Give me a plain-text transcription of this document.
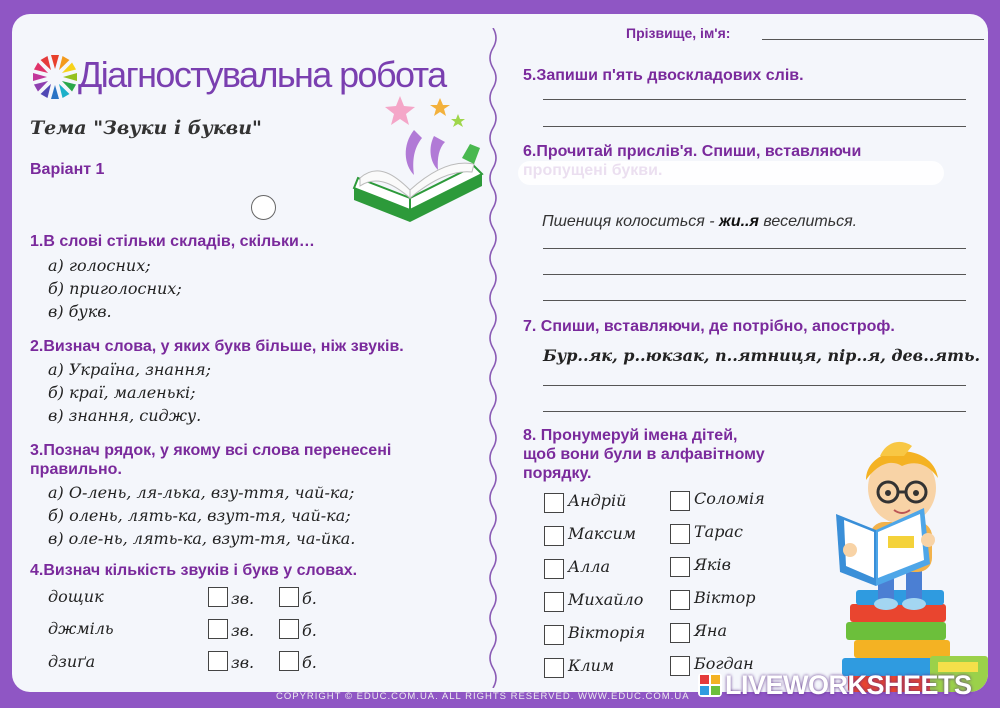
Прізвище, ім'я:
Діагностувальна робота
Тема "Звуки і букви"
Варіант 1
1.В слові стільки складів, скільки…
а) голосних;
б) приголосних;
в) букв.
2.Визнач слова, у яких букв більше, ніж звуків.
а) Україна, знання;
б) краї, маленькі;
в) знання, сиджу.
3.Познач рядок, у якому всі слова перенесені
правильно.
а) О-лень, ля-лька, взу-ття, чай-ка;
б) олень, лять-ка, взут-тя, чай-ка;
в) оле-нь, лять-ка, взут-тя, ча-йка.
4.Визнач кількість звуків і букв у словах.
дощик	зв.	б.
джміль	зв.	б.
дзиґа	зв.	б.
5.Запиши п'ять двоскладових слів.
6.Прочитай прислів'я. Спиши, вставляючи
Пшениця колоситься - жи..я веселиться.
7. Спиши, вставляючи, де потрібно, апостроф.
Бур..як, р..юкзак, п..ятниця, пір..я, дев..ять.
8. Пронумеруй імена дітей,
щоб вони були в алфавітному
порядку.
Андрій
Максим
Алла
Михайло
Вікторія
Клим
Соломія
Тарас
Яків
Віктор
Яна
Богдан
COPYRIGHT © EDUC.COM.UA. ALL RIGHTS RESERVED. WWW.EDUC.COM.UA LIVEWORKSHEETS
